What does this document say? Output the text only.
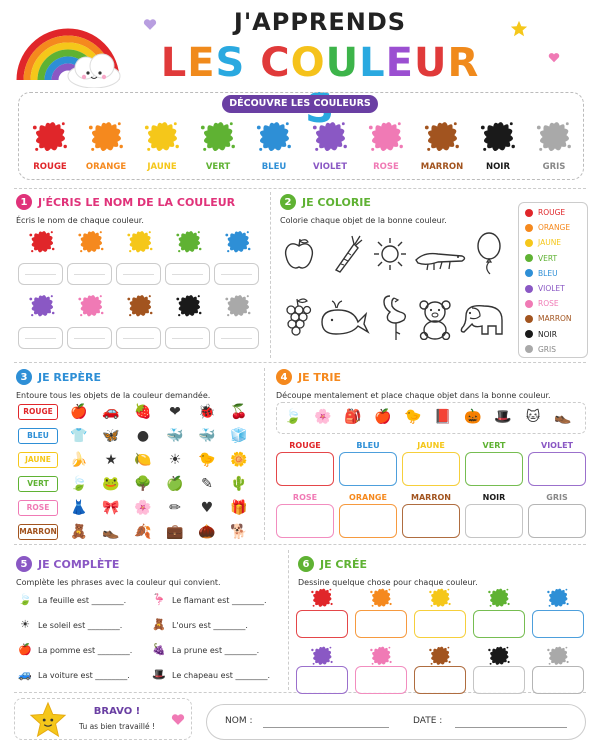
J'APPRENDS
LES COULEUR
DÉCOUVRE LES COULEURS
ROUGE ORANGE JAUNE	VERT	BLEU	VIOLET	ROSE	MARRON	NOIR	GRIS
1 J'ÉCRIS LE NOM DE LA COULEUR
Écris le nom de chaque couleur.
2 JE COLORIE
Colorie chaque objet de la bonne couleur.
ROUGE
ORANGE
JAUNE
VERT
BLEU
VIOLET
ROSE
MARRON
NOIR
GRIS
3 JE REPÈRE
Entoure tous les objets de la couleur demandée.
ROUGE	🍎 🚗 🍓 ❤ 🐞 🍒
BLEU	👕 🦋 ● 🐳 🐳 🧊
JAUNE	🍌 ★ 🍋 ☀ 🐤 🌼
VERT	🍃 🐸 🌳 🍏 ✎ 🌵
ROSE	👗 🎀 🌸 ✏ ♥ 🎁
MARRON 🧸 👞 🍂 💼 🌰 🐕
4 JE TRIE
Découpe mentalement et place chaque objet dans la bonne couleur.
🍃 🌸 🎒 🍎 🐤 📕 🎃 🎩 🐱 👞
ROUGE	BLEU	JAUNE	VERT	VIOLET
ROSE	ORANGE	MARRON	NOIR	GRIS
5 JE COMPLÈTE
Complète les phrases avec la couleur qui convient.
🍃 La feuille est ________.
☀ Le soleil est ________.
🍎 La pomme est ________.
🚙 La voiture est ________.
🦩 Le flamant est ________.
🧸 L'ours est ________.
🍇 La prune est ________.
🎩 Le chapeau est ________.
6 JE CRÉE
Dessine quelque chose pour chaque couleur.
BRAVO !
Tu as bien travaillé !
NOM :	DATE :
